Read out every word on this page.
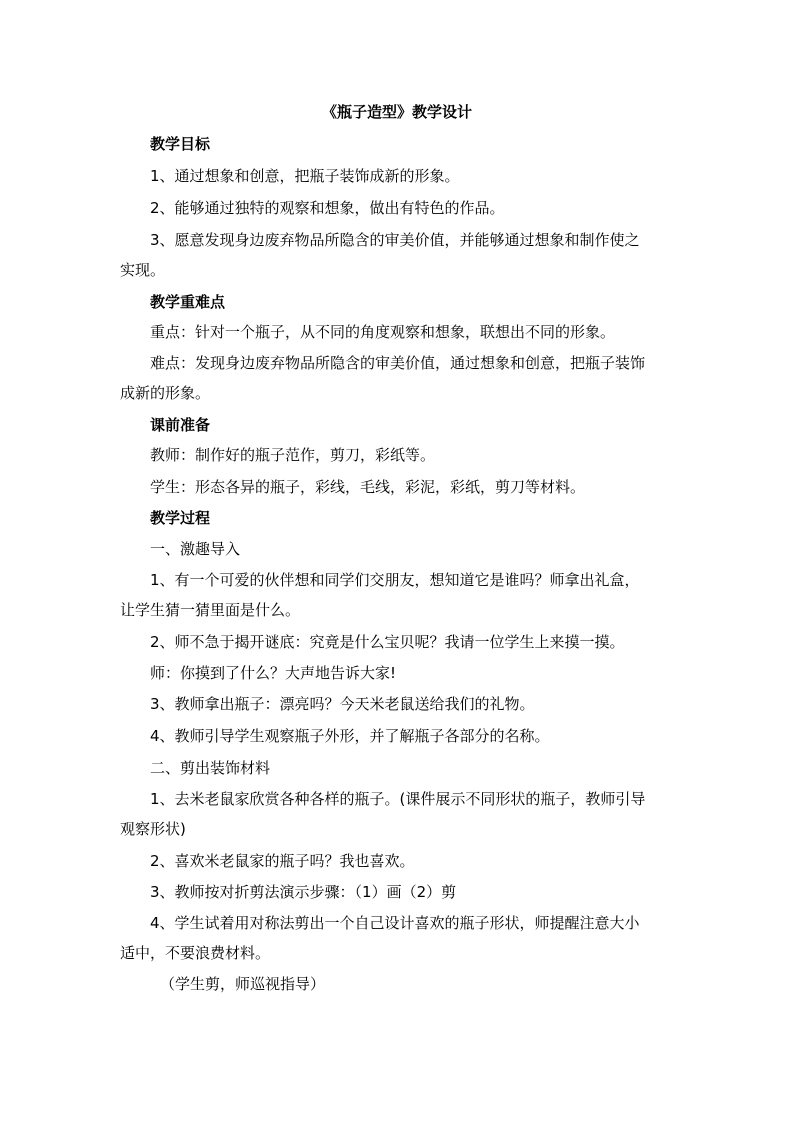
《瓶子造型》教学设计
教学目标
1、通过想象和创意，把瓶子装饰成新的形象。
2、能够通过独特的观察和想象，做出有特色的作品。
3、愿意发现身边废弃物品所隐含的审美价值，并能够通过想象和制作使之
实现。
教学重难点
重点：针对一个瓶子，从不同的角度观察和想象，联想出不同的形象。
难点：发现身边废弃物品所隐含的审美价值，通过想象和创意，把瓶子装饰
成新的形象。
课前准备
教师：制作好的瓶子范作，剪刀，彩纸等。
学生：形态各异的瓶子，彩线，毛线，彩泥，彩纸，剪刀等材料。
教学过程
一、激趣导入
1、有一个可爱的伙伴想和同学们交朋友，想知道它是谁吗？师拿出礼盒，
让学生猜一猜里面是什么。
2、师不急于揭开谜底：究竟是什么宝贝呢？我请一位学生上来摸一摸。
师：你摸到了什么？大声地告诉大家!
3、教师拿出瓶子：漂亮吗？今天米老鼠送给我们的礼物。
4、教师引导学生观察瓶子外形，并了解瓶子各部分的名称。
二、剪出装饰材料
1、去米老鼠家欣赏各种各样的瓶子。(课件展示不同形状的瓶子，教师引导
观察形状)
2、喜欢米老鼠家的瓶子吗？我也喜欢。
3、教师按对折剪法演示步骤：（1）画（2）剪
4、学生试着用对称法剪出一个自己设计喜欢的瓶子形状，师提醒注意大小
适中，不要浪费材料。
（学生剪，师巡视指导）
